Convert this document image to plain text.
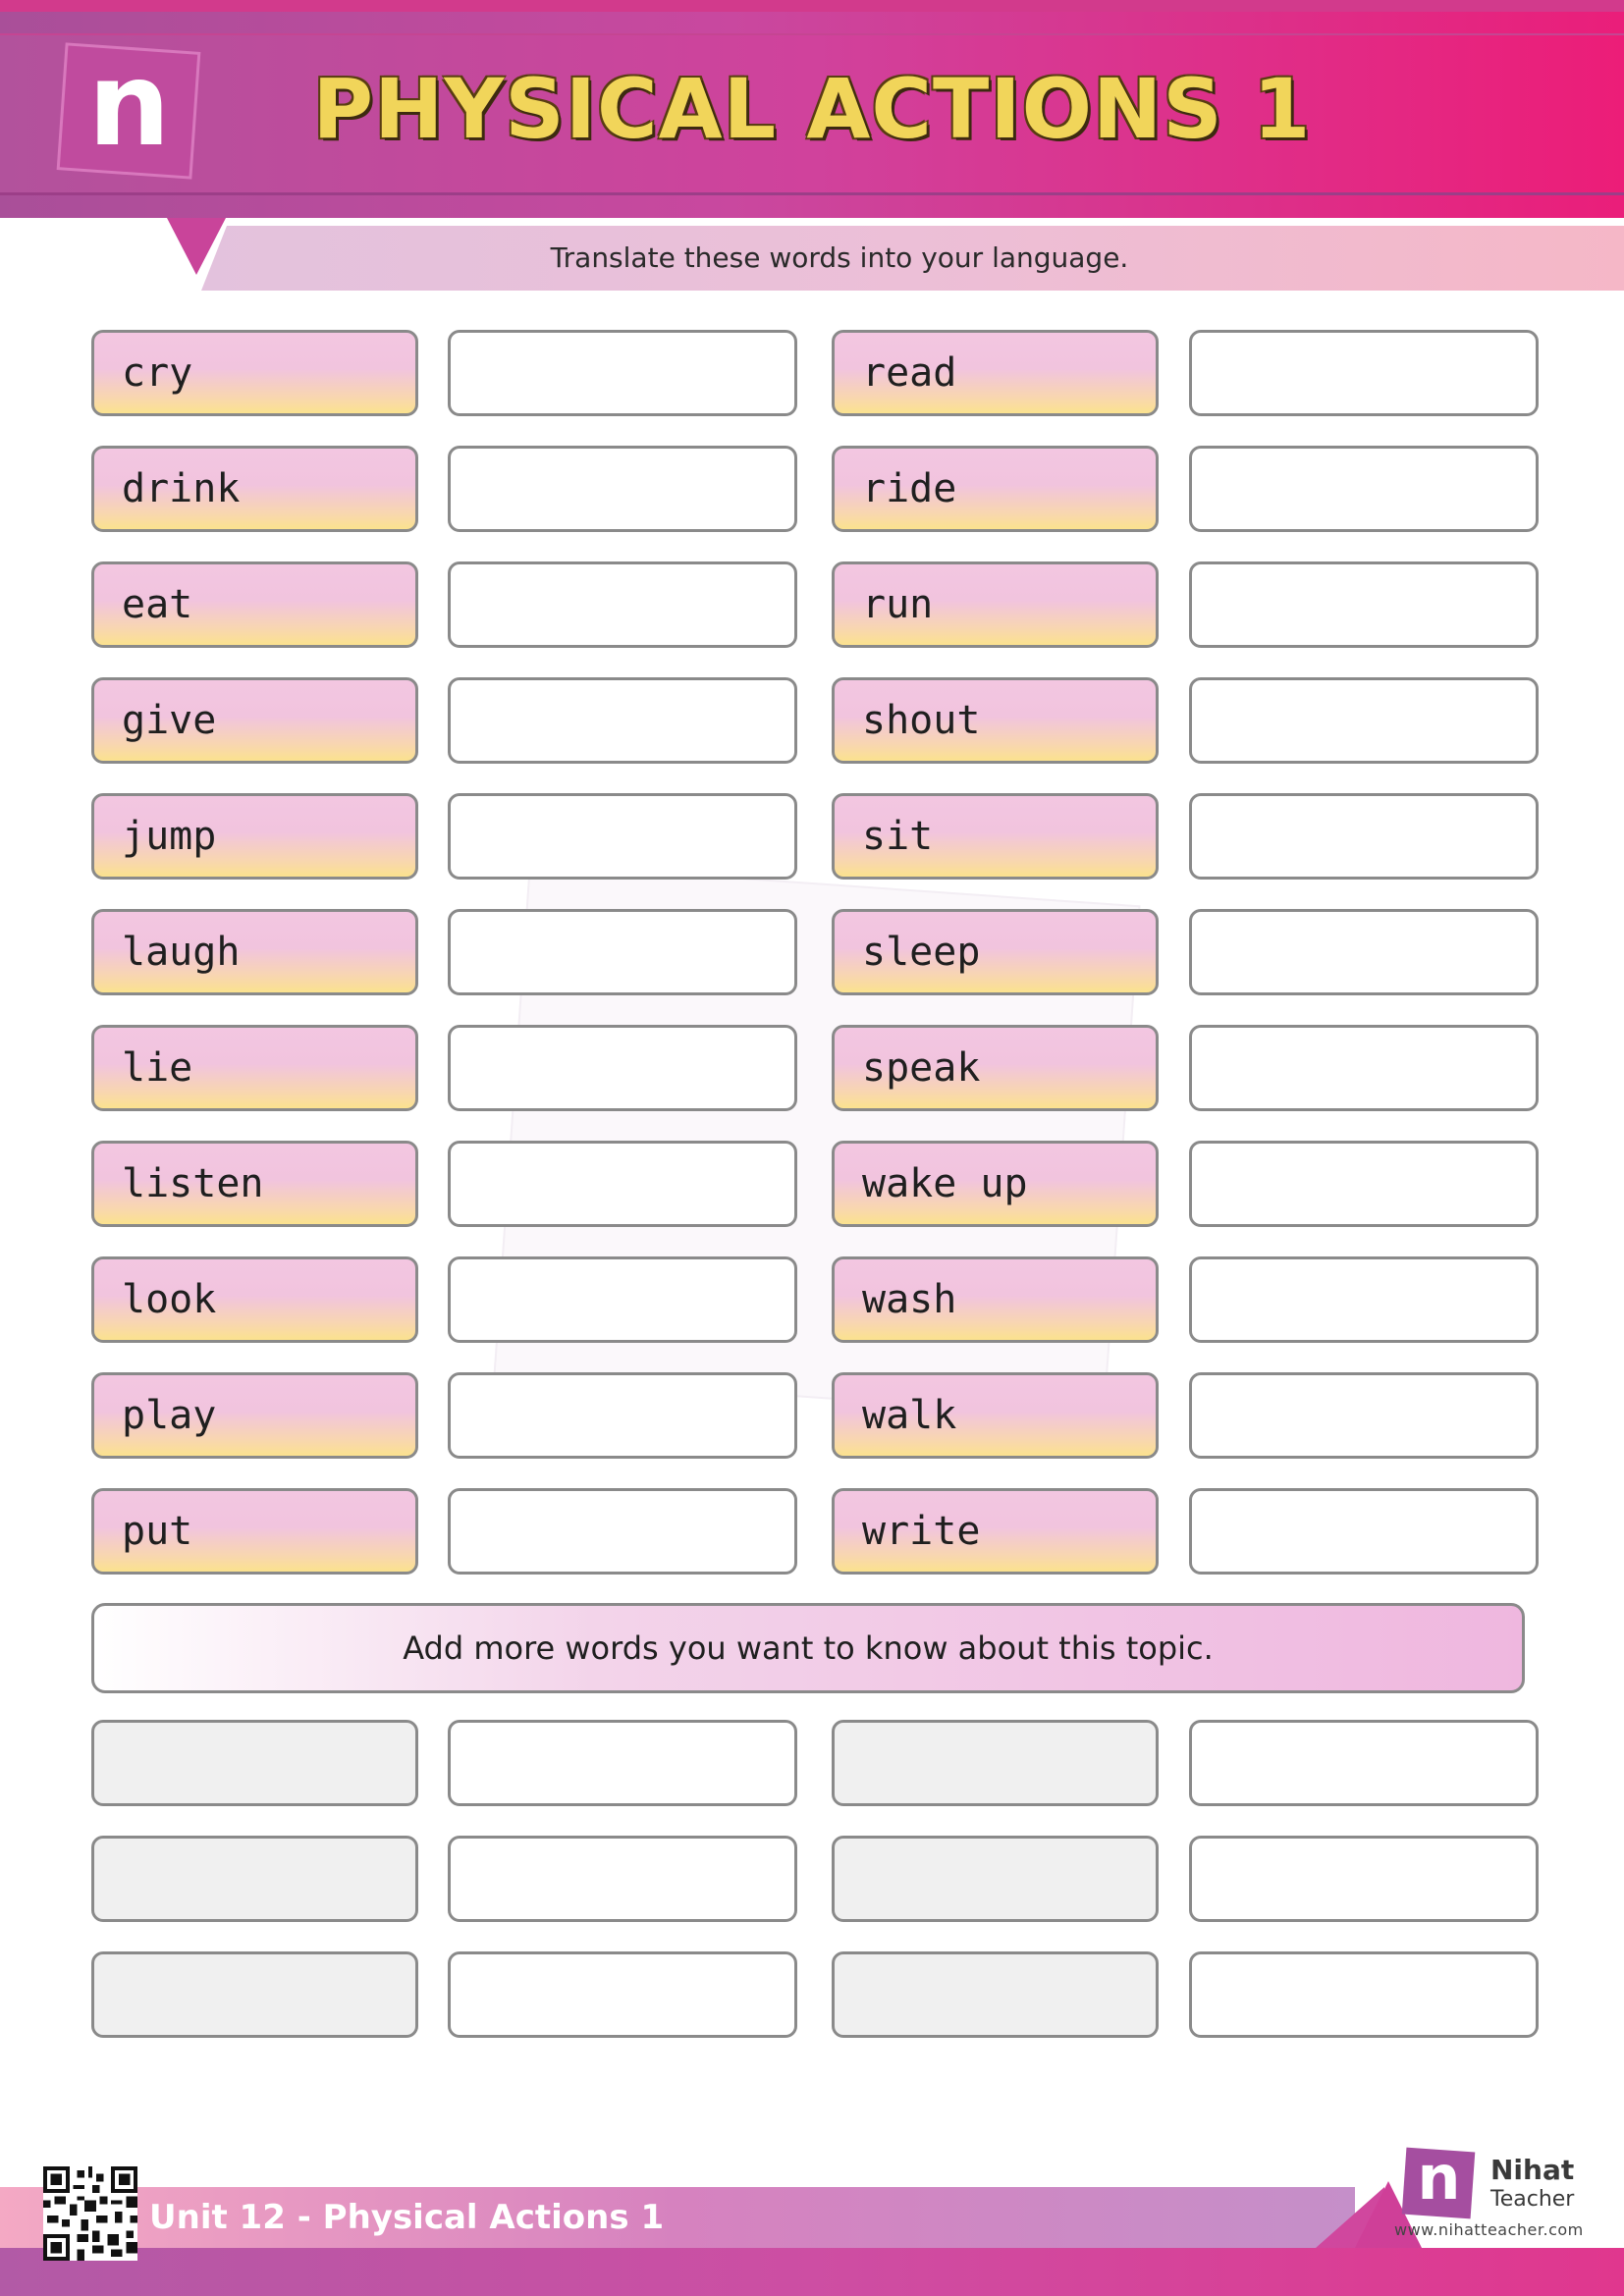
n	PHYSICAL ACTIONS 1
Translate these words into your language.
cry
drink
eat
give
jump
laugh
lie
listen
look
play
put
read
ride
run
shout
sit
sleep
speak
wake up
wash
walk
write
Add more words you want to know about this topic.
Unit 12 - Physical Actions 1
n Nihat
Teacher
www.nihatteacher.com
